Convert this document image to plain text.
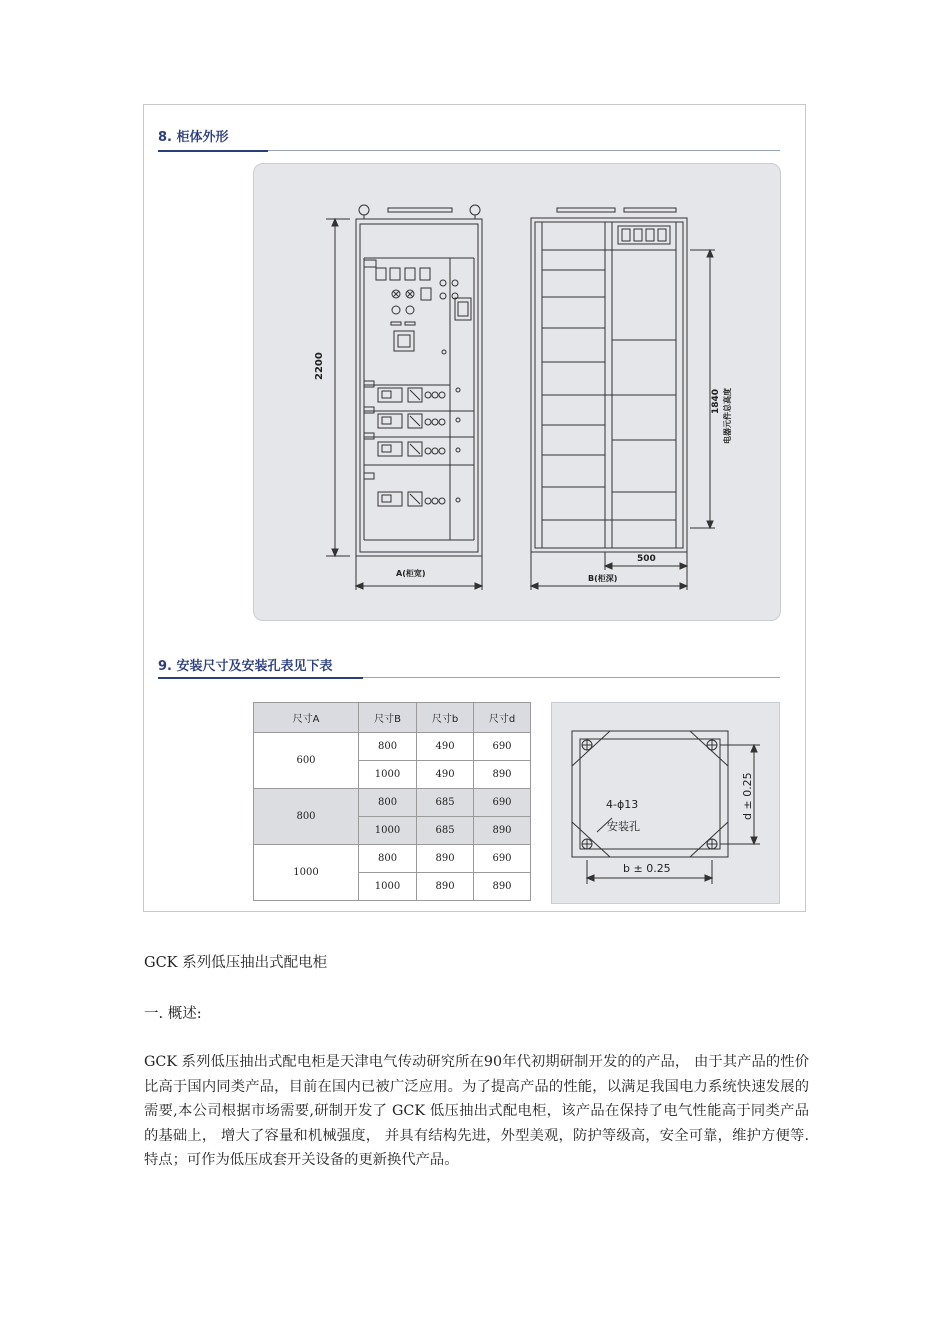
8. 柜体外形
2200
A(柜宽)
1840 电器元件总高度
500
B(柜深)
9. 安装尺寸及安装孔表见下表
尺寸A	尺寸B	尺寸b	尺寸d
600	800	490	690
	1000	490	890
800	800	685	690
	1000	685	890
1000	800	890	690
	1000	890	890
4-ϕ13
安装孔
b ± 0.25
d ± 0.25
GCK 系列低压抽出式配电柜
一. 概述:
GCK 系列低压抽出式配电柜是天津电气传动研究所在90年代初期研制开发的的产品， 由于其产品的性价比高于国内同类产品，目前在国内已被广泛应用。为了提高产品的性能，以满足我国电力系统快速发展的需要,本公司根据市场需要,研制开发了 GCK 低压抽出式配电柜，该产品在保持了电气性能高于同类产品的基础上， 增大了容量和机械强度， 并具有结构先进，外型美观，防护等级高，安全可靠，维护方便等.特点；可作为低压成套开关设备的更新换代产品。
